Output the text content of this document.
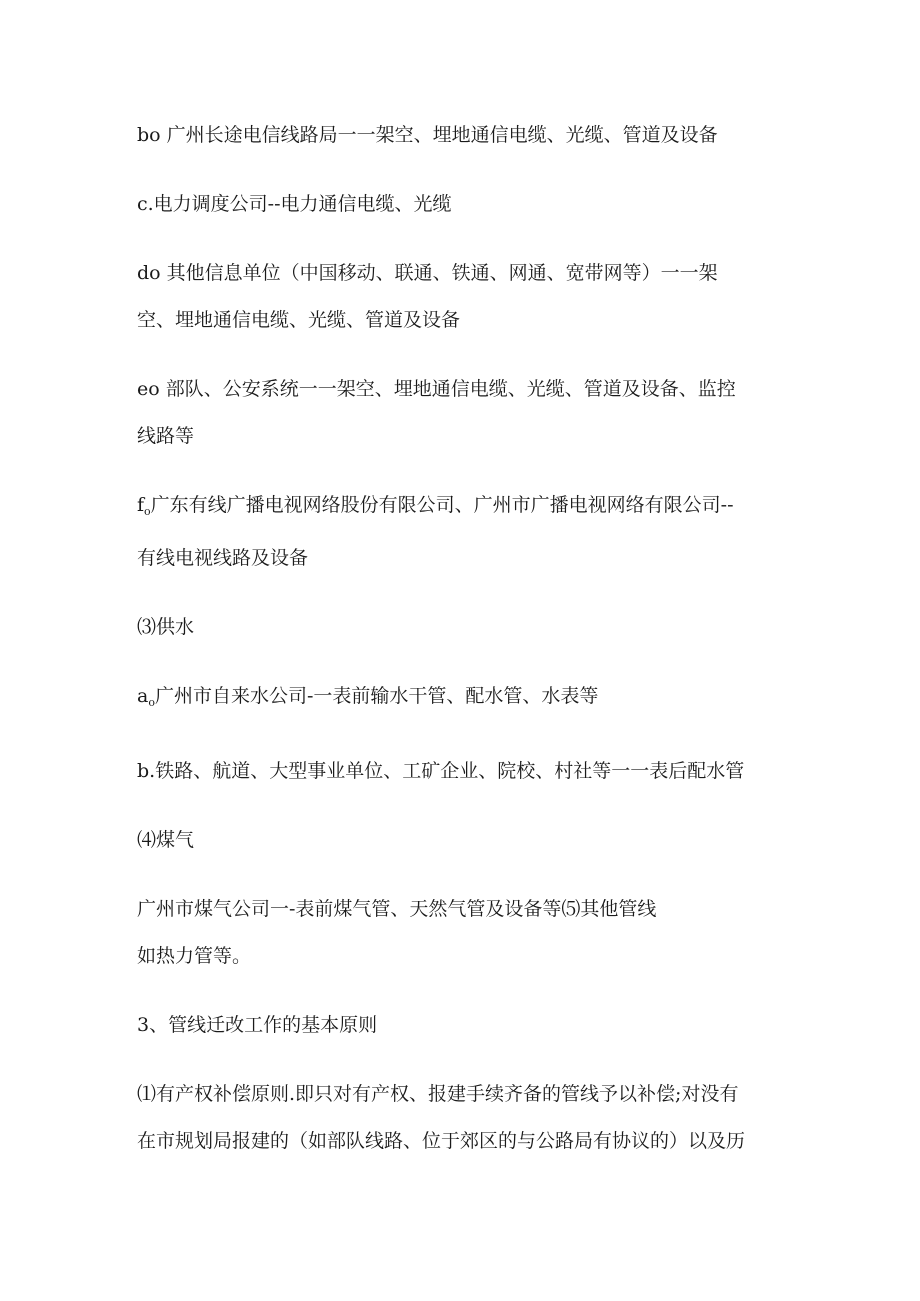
bo 广州长途电信线路局一一架空、埋地通信电缆、光缆、管道及设备
c.电力调度公司--电力通信电缆、光缆
do 其他信息单位（中国移动、联通、铁通、网通、宽带网等）一一架
空、埋地通信电缆、光缆、管道及设备
eo 部队、公安系统一一架空、埋地通信电缆、光缆、管道及设备、监控
线路等
$f_o$广东有线广播电视网络股份有限公司、广州市广播电视网络有限公司--
有线电视线路及设备
⑶供水
$a_o$广州市自来水公司-一表前输水干管、配水管、水表等
b.铁路、航道、大型事业单位、工矿企业、院校、村社等一一表后配水管
⑷煤气
广州市煤气公司一-表前煤气管、天然气管及设备等⑸其他管线
如热力管等。
3、管线迁改工作的基本原则
⑴有产权补偿原则.即只对有产权、报建手续齐备的管线予以补偿;对没有
在市规划局报建的（如部队线路、位于郊区的与公路局有协议的）以及历
